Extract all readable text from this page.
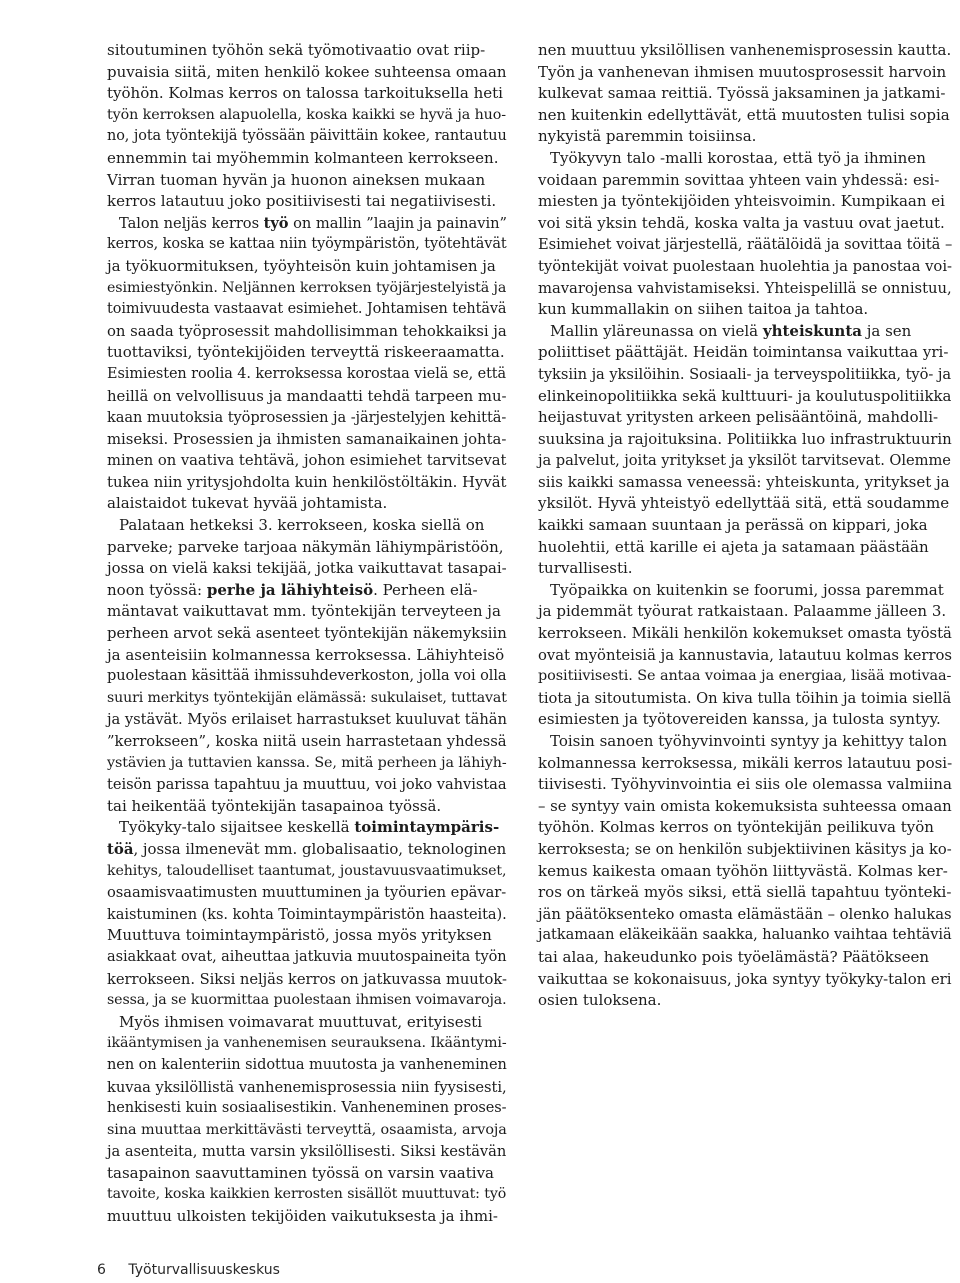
sitoutuminen työhön sekä työmotivaatio ovat riip-

puvaisia siitä, miten henkilö kokee suhteensa omaan

työhön. Kolmas kerros on talossa tarkoituksella heti

työn kerroksen alapuolella, koska kaikki se hyvä ja huo-

no, jota työntekijä työssään päivittäin kokee, rantautuu

ennemmin tai myöhemmin kolmanteen kerrokseen.

Virran tuoman hyvän ja huonon aineksen mukaan

kerros latautuu joko positiivisesti tai negatiivisesti.

Talon neljäs kerros työ on mallin ”laajin ja painavin”

kerros, koska se kattaa niin työympäristön, työtehtävät

ja työkuormituksen, työyhteisön kuin johtamisen ja

esimiestyönkin. Neljännen kerroksen työjärjestelyistä ja

toimivuudesta vastaavat esimiehet. Johtamisen tehtävä

on saada työprosessit mahdollisimman tehokkaiksi ja

tuottaviksi, työntekijöiden terveyttä riskeeraamatta.

Esimiesten roolia 4. kerroksessa korostaa vielä se, että

heillä on velvollisuus ja mandaatti tehdä tarpeen mu-

kaan muutoksia työprosessien ja -järjestelyjen kehittä-

miseksi. Prosessien ja ihmisten samanaikainen johta-

minen on vaativa tehtävä, johon esimiehet tarvitsevat

tukea niin yritysjohdolta kuin henkilöstöltäkin. Hyvät

alaistaidot tukevat hyvää johtamista.

Palataan hetkeksi 3. kerrokseen, koska siellä on

parveke; parveke tarjoaa näkymän lähiympäristöön,

jossa on vielä kaksi tekijää, jotka vaikuttavat tasapai-

noon työssä: perhe ja lähiyhteisö. Perheen elä-

mäntavat vaikuttavat mm. työntekijän terveyteen ja

perheen arvot sekä asenteet työntekijän näkemyksiin

ja asenteisiin kolmannessa kerroksessa. Lähiyhteisö

puolestaan käsittää ihmissuhdeverkoston, jolla voi olla

suuri merkitys työntekijän elämässä: sukulaiset, tuttavat

ja ystävät. Myös erilaiset harrastukset kuuluvat tähän

”kerrokseen”, koska niitä usein harrastetaan yhdessä

ystävien ja tuttavien kanssa. Se, mitä perheen ja lähiyh-

teisön parissa tapahtuu ja muuttuu, voi joko vahvistaa

tai heikentää työntekijän tasapainoa työssä.

Työkyky-talo sijaitsee keskellä toimintaympäris-

töä, jossa ilmenevät mm. globalisaatio, teknologinen

kehitys, taloudelliset taantumat, joustavuusvaatimukset,

osaamisvaatimusten muuttuminen ja työurien epävar-

kaistuminen (ks. kohta Toimintaympäristön haasteita).

Muuttuva toimintaympäristö, jossa myös yrityksen

asiakkaat ovat, aiheuttaa jatkuvia muutospaineita työn

kerrokseen. Siksi neljäs kerros on jatkuvassa muutok-

sessa, ja se kuormittaa puolestaan ihmisen voimavaroja.

Myös ihmisen voimavarat muuttuvat, erityisesti

ikääntymisen ja vanhenemisen seurauksena. Ikääntymi-

nen on kalenteriin sidottua muutosta ja vanheneminen

kuvaa yksilöllistä vanhenemisprosessia niin fyysisesti,

henkisesti kuin sosiaalisestikin. Vanheneminen proses-

sina muuttaa merkittävästi terveyttä, osaamista, arvoja

ja asenteita, mutta varsin yksilöllisesti. Siksi kestävän

tasapainon saavuttaminen työssä on varsin vaativa

tavoite, koska kaikkien kerrosten sisällöt muuttuvat: työ

muuttuu ulkoisten tekijöiden vaikutuksesta ja ihmi-

nen muuttuu yksilöllisen vanhenemisprosessin kautta.

Työn ja vanhenevan ihmisen muutosprosessit harvoin

kulkevat samaa reittiä. Työssä jaksaminen ja jatkami-

nen kuitenkin edellyttävät, että muutosten tulisi sopia

nykyistä paremmin toisiinsa.

Työkyvyn talo -malli korostaa, että työ ja ihminen

voidaan paremmin sovittaa yhteen vain yhdessä: esi-

miesten ja työntekijöiden yhteisvoimin. Kumpikaan ei

voi sitä yksin tehdä, koska valta ja vastuu ovat jaetut.

Esimiehet voivat järjestellä, räätälöidä ja sovittaa töitä –

työntekijät voivat puolestaan huolehtia ja panostaa voi-

mavarojensa vahvistamiseksi. Yhteispelillä se onnistuu,

kun kummallakin on siihen taitoa ja tahtoa.

Mallin yläreunassa on vielä yhteiskunta ja sen

poliittiset päättäjät. Heidän toimintansa vaikuttaa yri-

tyksiin ja yksilöihin. Sosiaali- ja terveyspolitiikka, työ- ja

elinkeinopolitiikka sekä kulttuuri- ja koulutuspolitiikka

heijastuvat yritysten arkeen pelisääntöinä, mahdolli-

suuksina ja rajoituksina. Politiikka luo infrastruktuurin

ja palvelut, joita yritykset ja yksilöt tarvitsevat. Olemme

siis kaikki samassa veneessä: yhteiskunta, yritykset ja

yksilöt. Hyvä yhteistyö edellyttää sitä, että soudamme

kaikki samaan suuntaan ja perässä on kippari, joka

huolehtii, että karille ei ajeta ja satamaan päästään

turvallisesti.

Työpaikka on kuitenkin se foorumi, jossa paremmat

ja pidemmät työurat ratkaistaan. Palaamme jälleen 3.

kerrokseen. Mikäli henkilön kokemukset omasta työstä

ovat myönteisiä ja kannustavia, latautuu kolmas kerros

positiivisesti. Se antaa voimaa ja energiaa, lisää motivaa-

tiota ja sitoutumista. On kiva tulla töihin ja toimia siellä

esimiesten ja työtovereiden kanssa, ja tulosta syntyy.

Toisin sanoen työhyvinvointi syntyy ja kehittyy talon

kolmannessa kerroksessa, mikäli kerros latautuu posi-

tiivisesti. Työhyvinvointia ei siis ole olemassa valmiina

– se syntyy vain omista kokemuksista suhteessa omaan

työhön. Kolmas kerros on työntekijän peilikuva työn

kerroksesta; se on henkilön subjektiivinen käsitys ja ko-

kemus kaikesta omaan työhön liittyvästä. Kolmas ker-

ros on tärkeä myös siksi, että siellä tapahtuu työnteki-

jän päätöksenteko omasta elämästään – olenko halukas

jatkamaan eläkeikään saakka, haluanko vaihtaa tehtäviä

tai alaa, hakeudunko pois työelämästä? Päätökseen

vaikuttaa se kokonaisuus, joka syntyy työkyky-talon eri

osien tuloksena.

6 Työturvallisuuskeskus
